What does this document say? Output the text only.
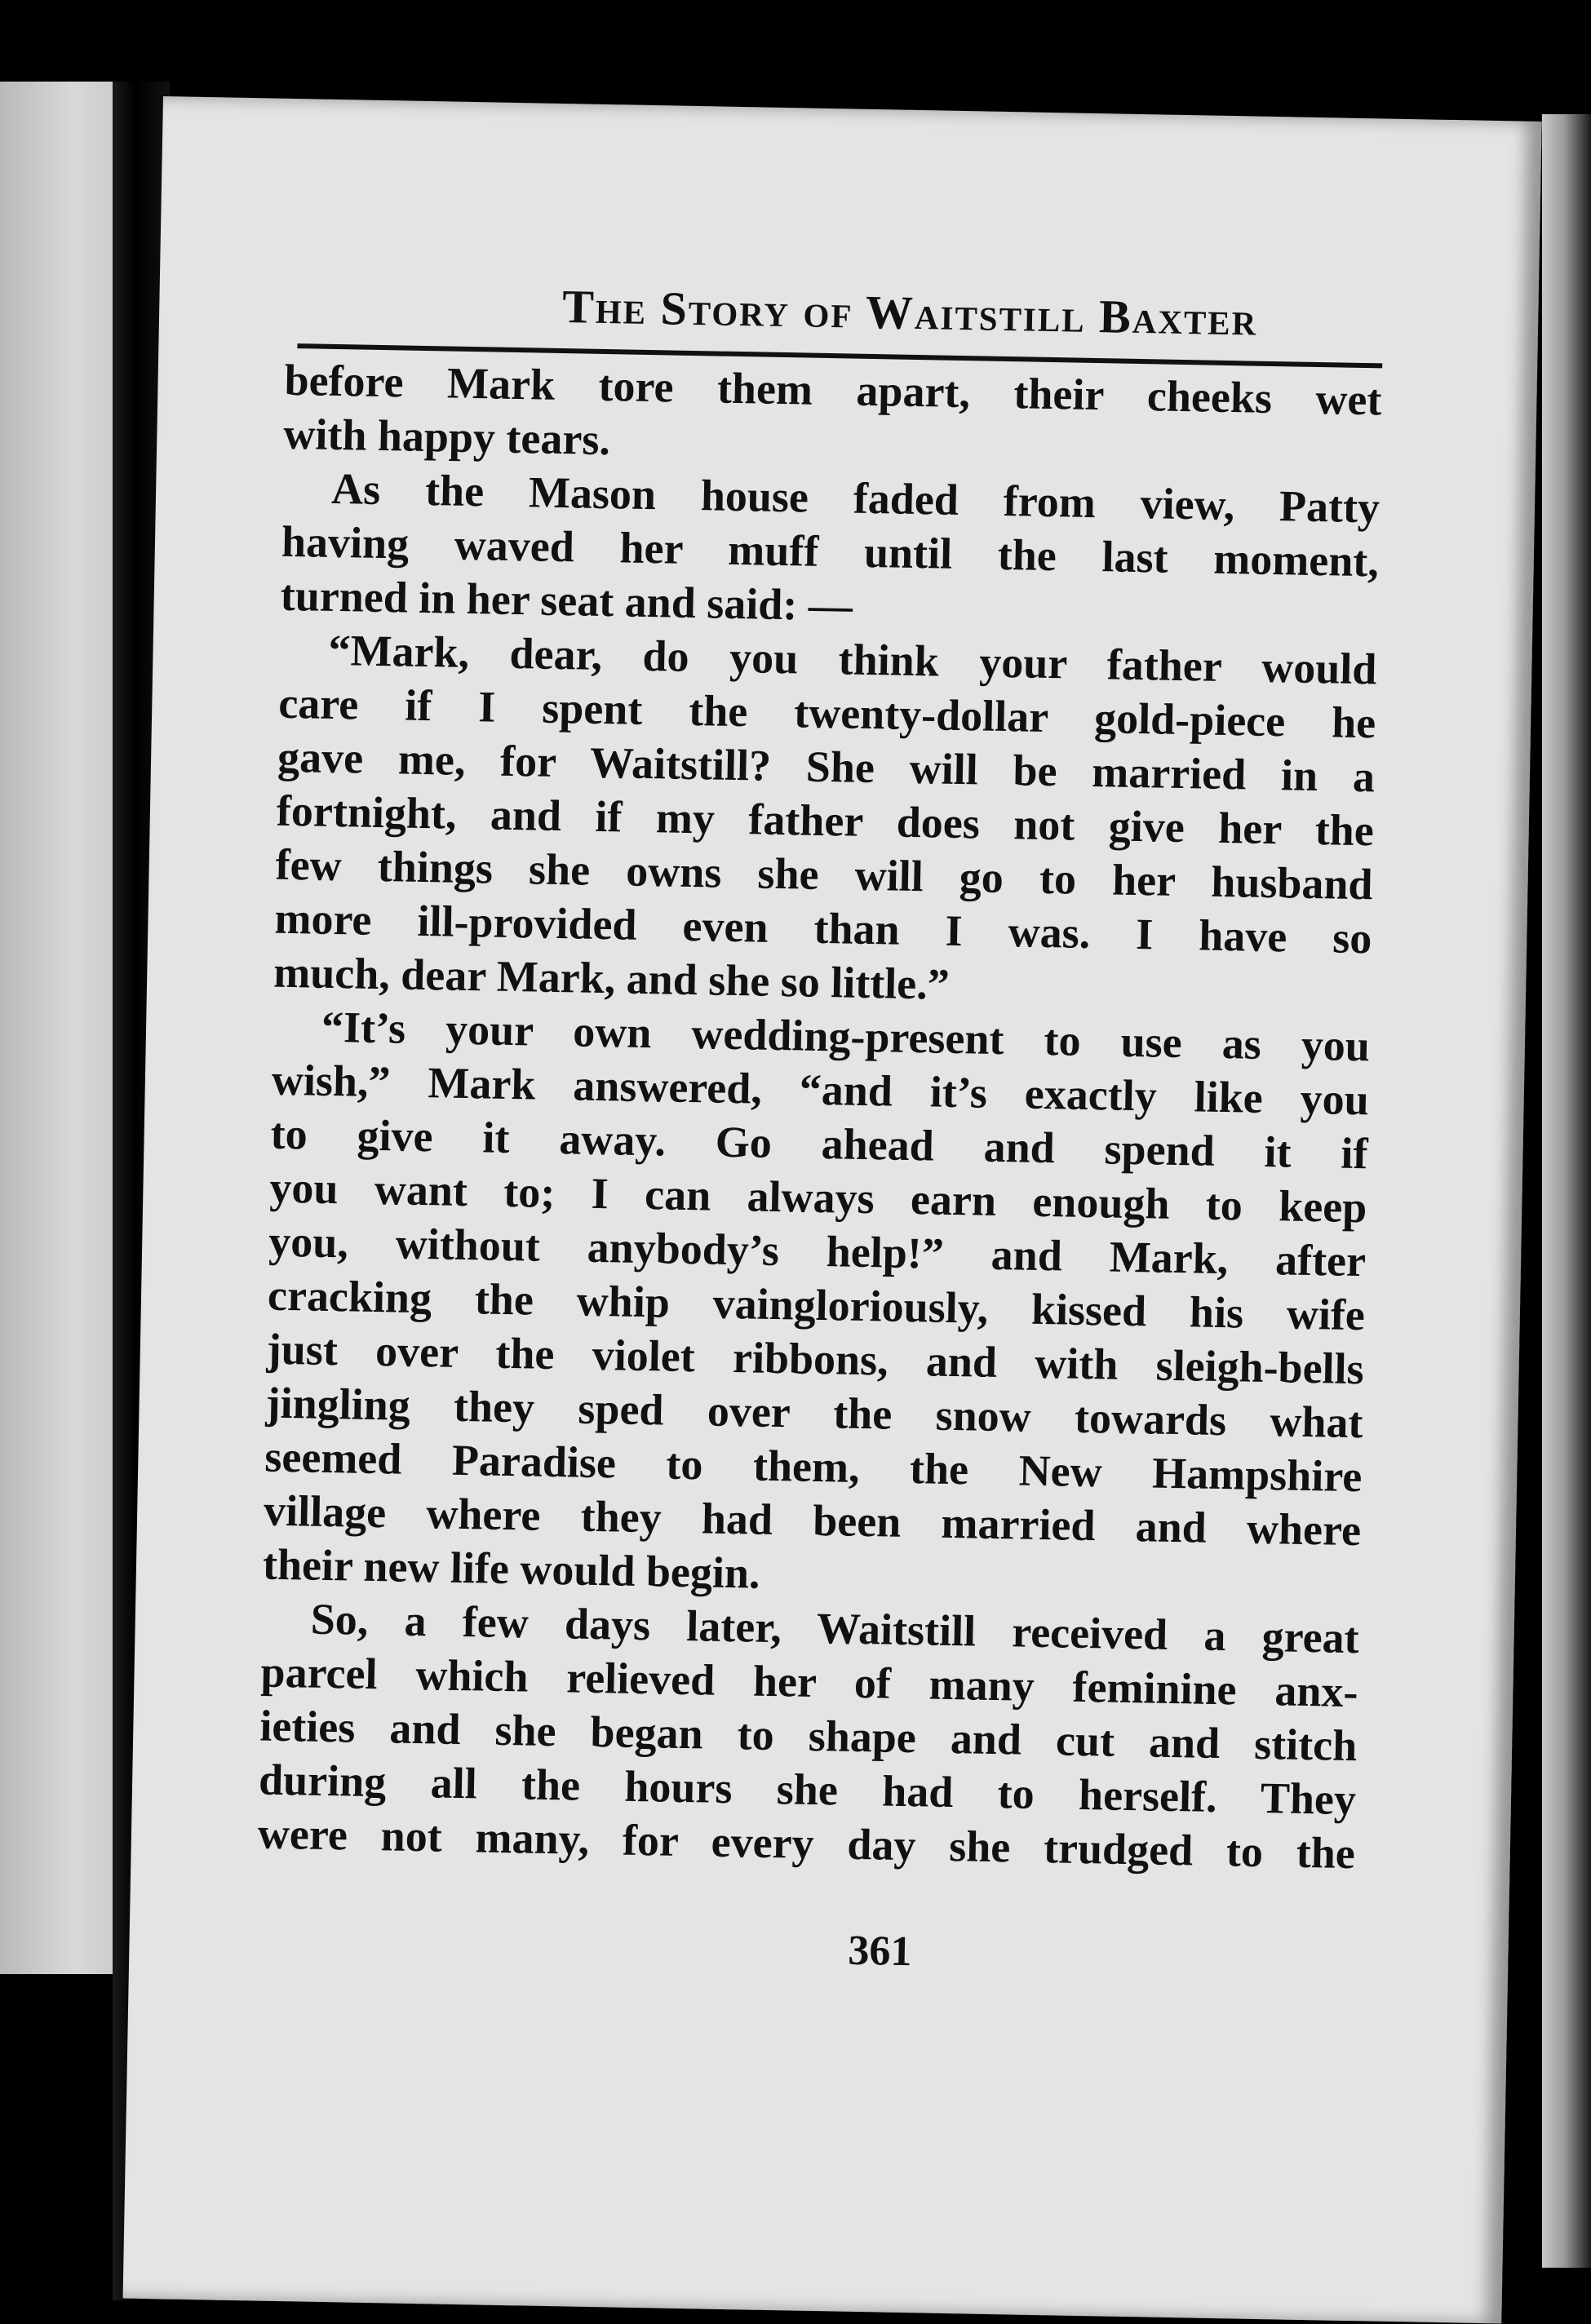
The Story of Waitstill Baxter
before Mark tore them apart, their cheeks wet
with happy tears.
As the Mason house faded from view, Patty
having waved her muff until the last moment,
turned in her seat and said: —
“Mark, dear, do you think your father would
care if I spent the twenty-dollar gold-piece he
gave me, for Waitstill? She will be married in a
fortnight, and if my father does not give her the
few things she owns she will go to her husband
more ill-provided even than I was. I have so
much, dear Mark, and she so little.”
“It’s your own wedding-present to use as you
wish,” Mark answered, “and it’s exactly like you
to give it away. Go ahead and spend it if
you want to; I can always earn enough to keep
you, without anybody’s help!” and Mark, after
cracking the whip vaingloriously, kissed his wife
just over the violet ribbons, and with sleigh-bells
jingling they sped over the snow towards what
seemed Paradise to them, the New Hampshire
village where they had been married and where
their new life would begin.
So, a few days later, Waitstill received a great
parcel which relieved her of many feminine anx-
ieties and she began to shape and cut and stitch
during all the hours she had to herself. They
were not many, for every day she trudged to the
361
